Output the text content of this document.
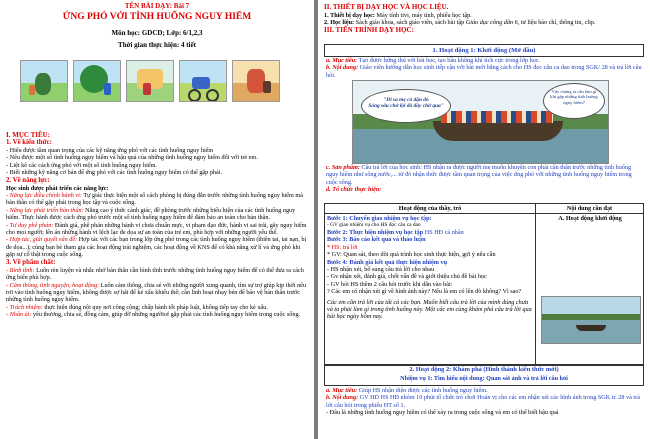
TÊN BÀI DẠY: Bài 7
ỨNG PHÓ VỚI TÌNH HUỐNG NGUY HIỂM
Môn học: GDCD; Lớp: 6/1,2,3
Thời gian thực hiện: 4 tiết
I. MỤC TIÊU:
1. Về kiến thức:
- Hiểu được tầm quan trọng của các kỹ năng ứng phó với các tình huống nguy hiểm
- Nêu được một số tình huống nguy hiểm và hậu quả của những tình huống nguy hiểm đối với trẻ em.
- Liệt kê các cách ứng phó với một số tình huống nguy hiểm.
- Biết những kỹ năng cơ bản để ứng phó với các tình huống nguy hiểm có thể gặp phải.
2. Về năng lực:
Học sinh được phát triển các năng lực:
- Năng lực điều chỉnh hành vi: Tự giác thực hiện một số cách phòng bị đúng đắn trước những tình huống nguy hiểm mà bản thân có thể gặp phải trong học tập và cuộc sống.
- Năng lực phát triển bản thân: Năng cao ý thức cảnh giác, đề phòng trước những biểu hiện của các tình huống nguy hiểm. Thực hành được cách ứng phó trước một số tình huống nguy hiểm để đảm bảo an toàn cho bản thân.
- Tư duy phê phán: Đánh giá, phê phán những hành vi chưa chuẩn mực, vi phạm đạo đức, hành vi sai trái, gây nguy hiểm cho mọi người; lên án những hành vi lệch lạc đe dọa sự an toàn của trẻ em, phù hợp với những người yếu thế.
- Hợp tác, giải quyết vấn đề: Hợp tác với các bạn trong lớp ứng phó trong các tình huống nguy hiểm (thiên tai, tai nạn, bị đe dọa...); cùng bạn bè tham gia các hoạt động trải nghiệm, các hoạt động về KNS để có khả năng xử lí và ứng phó khi gặp sự cố thật trong cuộc sống.
3. Về phẩm chất:
- Bình tĩnh: Luôn rèn luyện và nhắc nhở bản thân cần bình tĩnh trước những tình huống nguy hiểm để có thể đưa ra cách ứng biến phù hợp.
- Cảm thông, tình nguyện, hoạt động: Luôn cảm thông, chia sẻ với những người xung quanh, tìm sự trợ giúp kịp thời nếu rơi vào tình huống nguy hiểm, không được sợ hãi để kẻ xấu khiếu thế; cần linh hoạt nhạy bén để bảo vệ bản thân trước những tình huống nguy hiểm.
- Trách nhiệm: thực hiện đúng nội quy nơi công cộng; chấp hành tốt pháp luật, không tiếp tay cho kẻ xấu.
- Nhân ái: yêu thương, chia sẻ, đồng cảm, giúp đỡ những ngườiof gặp phải các tình huống nguy hiểm trong cuộc sống.
II. THIẾT BỊ DẠY HỌC VÀ HỌC LIỆU.
1. Thiết bị dạy học: Máy tính tivi, máy tính, phiếu học tập.
2. Học liệu: Sách giáo khoa, sách giáo viên, sách bài tập Giáo dục công dân 6, tư liệu báo chí, thông tin, clip.
III. TIẾN TRÌNH DẠY HỌC:
1. Hoạt động 1: Khởi động (Mở đầu)
a. Mục tiêu: Tạo được hứng thú với bài học, tạo bầu không khí tích cực trong lớp học.
b. Nội dung: Giáo viên hướng dẫn học sinh tiếp cận với bài mới bằng cách cho HS đọc câu ca dao trong SGK/ 28 và trả lời câu hỏi.
"Đi sa mẹ có dặn dò
Sóng sâu chớ lội đò đầy chớ qua"
Vậy chúng ta cần làm gì khi gặp những tình huống nguy hiểm?
c. Sản phẩm: Câu trả lời của học sinh: HS nhận ra được người mẹ muốn khuyên con phải cẩn thận trước những tình huống nguy hiểm như sông nước,... từ đó nhận thức được tầm quan trọng của việc ứng phó với những tình huống nguy hiểm trong cuộc sống.
d. Tổ chức thực hiện:
Hoạt động của thầy, trò	Nội dung cần đạt
Bước 1: Chuyển giao nhiệm vụ học tập:
- GV giao nhiệm vụ cho HS đọc câu ca dao
Bước 2: Thực hiện nhiệm vụ học tập HS HĐ cá nhân
Bước 3: Báo cáo kết quả và thảo luận
* HS: trả lời
* GV: Quan sát, theo dõi quá trình học sinh thực hiện, gợi ý nếu cần
Bước 4: Đánh giá kết quả thực hiện nhiệm vụ
- HS nhận xét, bổ sung câu trả lời cho nhau
- Gv nhận xét, đánh giá, chốt vấn đề và giới thiệu chủ đề bài học
- GV hỏi HS thêm 2 câu hỏi trước khi dẫn vào bài:
? Các em có nhận xét gì về hình ảnh này? Nếu là em có lên đò không? Vì sao?
Các em cần trả lời của tất cả các bạn. Muốn biết câu trả lời của mình đúng chưa và ta phải làm gì trong tình huống này. Một các em cùng khám phá câu trả lời qua bài học ngày hôm nay.
A. Hoạt động khởi động
2. Hoạt động 2: Khám phá (Hình thành kiến thức mới)
Nhiệm vụ 1: Tìm hiểu nội dung: Quan sát ảnh và trả lời câu hỏi
a. Mục tiêu: Giúp HS nhận diện được các tình huống nguy hiểm.
b. Nội dung: GV HD HS HĐ nhóm 10 phút tổ chức trò chơi Hoán vị cho các em nhận xét các hình ảnh trong SGK tr. 28 và trả lời câu hỏi trong phiếu HT số 1.
- Đâu là những tình huống nguy hiểm có thể xảy ra trong cuộc sống và em có thể biết hậu quả
